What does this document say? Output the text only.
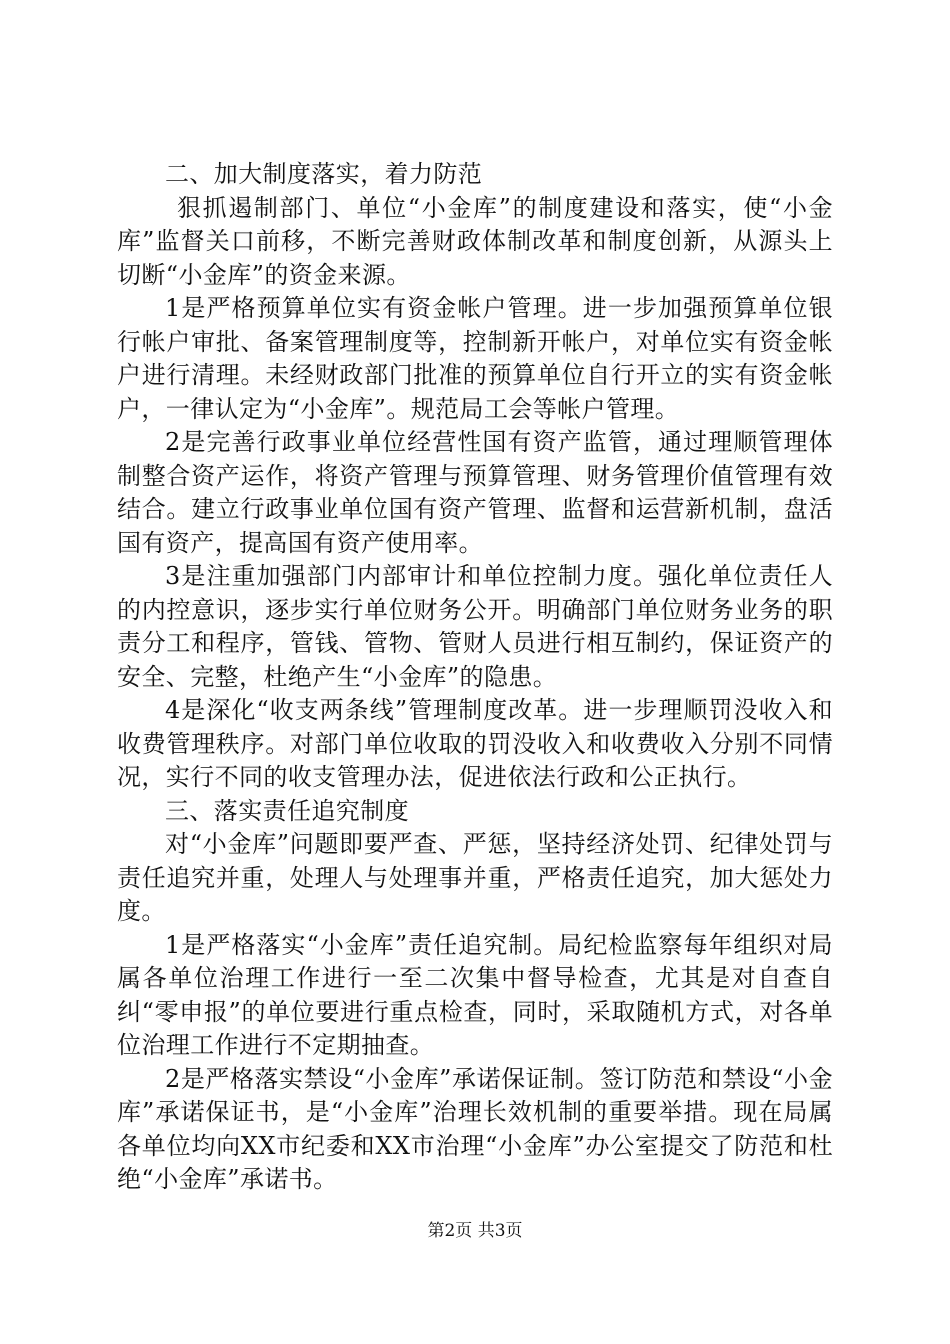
二、加大制度落实，着力防范

狠抓遏制部门、单位“小金库”的制度建设和落实，使“小金库”监督关口前移，不断完善财政体制改革和制度创新，从源头上切断“小金库”的资金来源。

1是严格预算单位实有资金帐户管理。进一步加强预算单位银行帐户审批、备案管理制度等，控制新开帐户，对单位实有资金帐户进行清理。未经财政部门批准的预算单位自行开立的实有资金帐户，一律认定为“小金库”。规范局工会等帐户管理。

2是完善行政事业单位经营性国有资产监管，通过理顺管理体制整合资产运作，将资产管理与预算管理、财务管理价值管理有效结合。建立行政事业单位国有资产管理、监督和运营新机制，盘活国有资产，提高国有资产使用率。

3是注重加强部门内部审计和单位控制力度。强化单位责任人的内控意识，逐步实行单位财务公开。明确部门单位财务业务的职责分工和程序，管钱、管物、管财人员进行相互制约，保证资产的安全、完整，杜绝产生“小金库”的隐患。

4是深化“收支两条线”管理制度改革。进一步理顺罚没收入和收费管理秩序。对部门单位收取的罚没收入和收费收入分别不同情况，实行不同的收支管理办法，促进依法行政和公正执行。

三、落实责任追究制度

对“小金库”问题即要严查、严惩，坚持经济处罚、纪律处罚与责任追究并重，处理人与处理事并重，严格责任追究，加大惩处力度。

1是严格落实“小金库”责任追究制。局纪检监察每年组织对局属各单位治理工作进行一至二次集中督导检查，尤其是对自查自纠“零申报”的单位要进行重点检查，同时，采取随机方式，对各单位治理工作进行不定期抽查。

2是严格落实禁设“小金库”承诺保证制。签订防范和禁设“小金库”承诺保证书，是“小金库”治理长效机制的重要举措。现在局属各单位均向XX市纪委和XX市治理“小金库”办公室提交了防范和杜绝“小金库”承诺书。

第2页 共3页
